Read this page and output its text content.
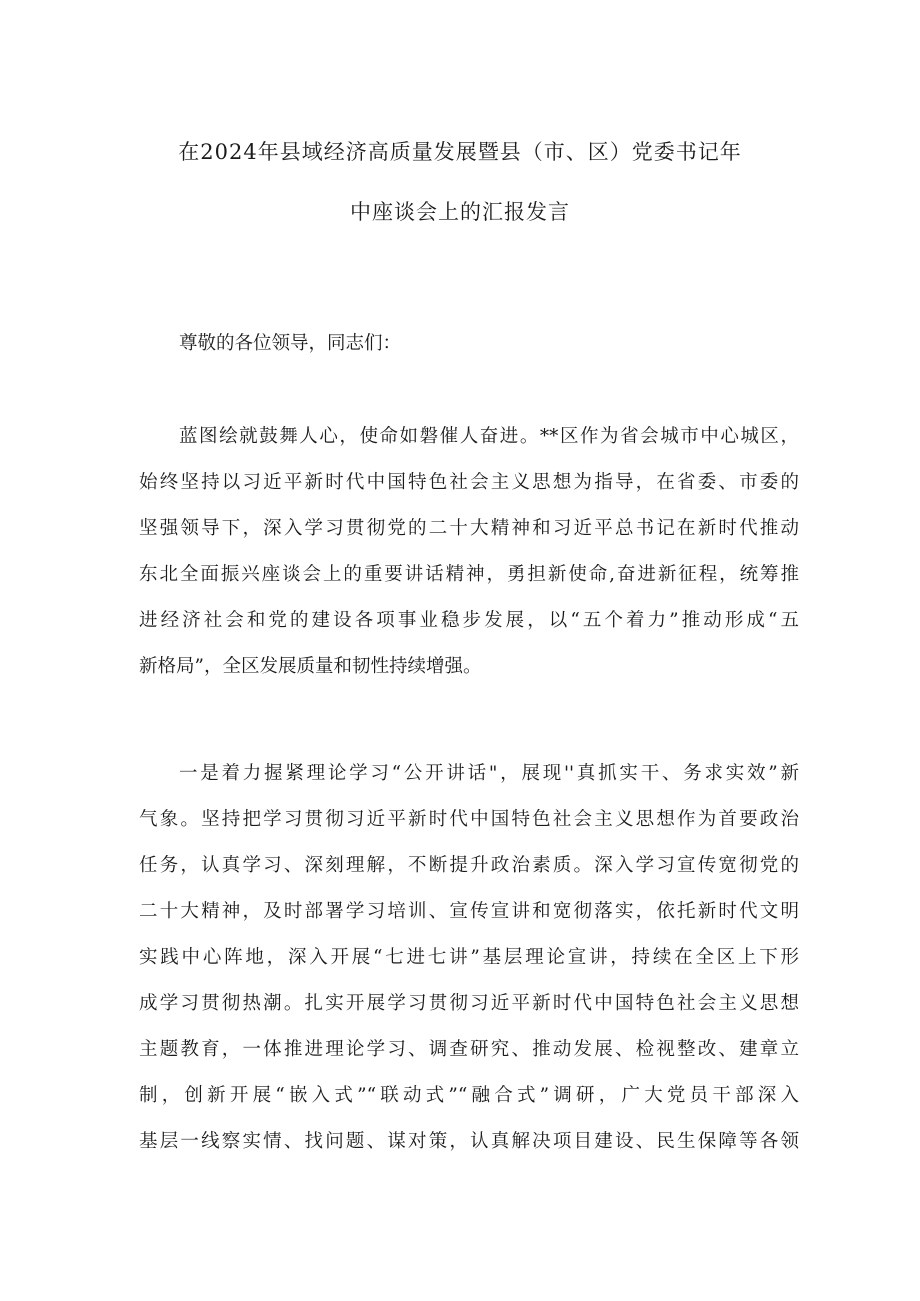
在2024年县域经济高质量发展暨县（市、区）党委书记年
中座谈会上的汇报发言
尊敬的各位领导，同志们：
蓝图绘就鼓舞人心，使命如磐催人奋进。**区作为省会城市中心城区，
始终坚持以习近平新时代中国特色社会主义思想为指导，在省委、市委的
坚强领导下，深入学习贯彻党的二十大精神和习近平总书记在新时代推动
东北全面振兴座谈会上的重要讲话精神，勇担新使命,奋进新征程，统筹推
进经济社会和党的建设各项事业稳步发展，以“五个着力”推动形成“五
新格局”，全区发展质量和韧性持续增强。
一是着力握紧理论学习“公开讲话"，展现''真抓实干、务求实效”新
气象。坚持把学习贯彻习近平新时代中国特色社会主义思想作为首要政治
任务，认真学习、深刻理解，不断提升政治素质。深入学习宣传宽彻党的
二十大精神，及时部署学习培训、宣传宣讲和宽彻落实，依托新时代文明
实践中心阵地，深入开展“七进七讲”基层理论宣讲，持续在全区上下形
成学习贯彻热潮。扎实开展学习贯彻习近平新时代中国特色社会主义思想
主题教育，一体推进理论学习、调查研究、推动发展、检视整改、建章立
制，创新开展“嵌入式”“联动式”“融合式”调研，广大党员干部深入
基层一线察实情、找问题、谋对策，认真解决项目建设、民生保障等各领
